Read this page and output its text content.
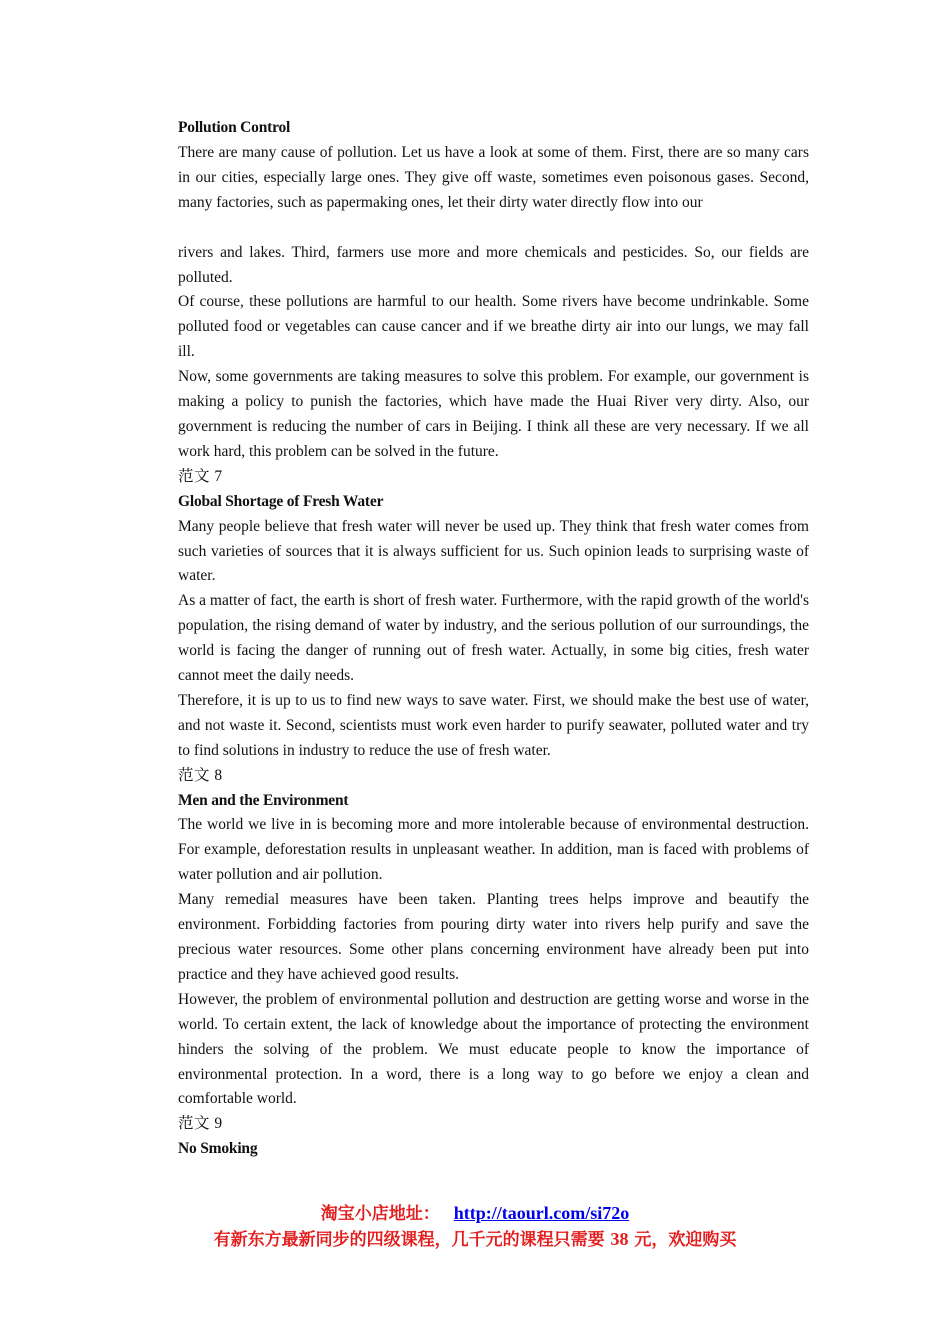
Pollution Control

There are many cause of pollution. Let us have a look at some of them. First, there are so many cars in our cities, especially large ones. They give off waste, sometimes even poisonous gases. Second, many factories, such as papermaking ones, let their dirty water directly flow into our

rivers and lakes. Third, farmers use more and more chemicals and pesticides. So, our fields are polluted.

Of course, these pollutions are harmful to our health. Some rivers have become undrinkable. Some polluted food or vegetables can cause cancer and if we breathe dirty air into our lungs, we may fall ill.

Now, some governments are taking measures to solve this problem. For example, our government is making a policy to punish the factories, which have made the Huai River very dirty. Also, our government is reducing the number of cars in Beijing. I think all these are very necessary. If we all work hard, this problem can be solved in the future.

范文 7

Global Shortage of Fresh Water

Many people believe that fresh water will never be used up. They think that fresh water comes from such varieties of sources that it is always sufficient for us. Such opinion leads to surprising waste of water.

As a matter of fact, the earth is short of fresh water. Furthermore, with the rapid growth of the world's population, the rising demand of water by industry, and the serious pollution of our surroundings, the world is facing the danger of running out of fresh water. Actually, in some big cities, fresh water cannot meet the daily needs.

Therefore, it is up to us to find new ways to save water. First, we should make the best use of water, and not waste it. Second, scientists must work even harder to purify seawater, polluted water and try to find solutions in industry to reduce the use of fresh water.

范文 8

Men and the Environment

The world we live in is becoming more and more intolerable because of environmental destruction. For example, deforestation results in unpleasant weather. In addition, man is faced with problems of water pollution and air pollution.

Many remedial measures have been taken. Planting trees helps improve and beautify the environment. Forbidding factories from pouring dirty water into rivers help purify and save the precious water resources. Some other plans concerning environment have already been put into practice and they have achieved good results.

However, the problem of environmental pollution and destruction are getting worse and worse in the world. To certain extent, the lack of knowledge about the importance of protecting the environment hinders the solving of the problem. We must educate people to know the importance of environmental protection. In a word, there is a long way to go before we enjoy a clean and comfortable world.

范文 9

No Smoking

淘宝小店地址： http://taourl.com/si72o
有新东方最新同步的四级课程，几千元的课程只需要 38 元，欢迎购买
